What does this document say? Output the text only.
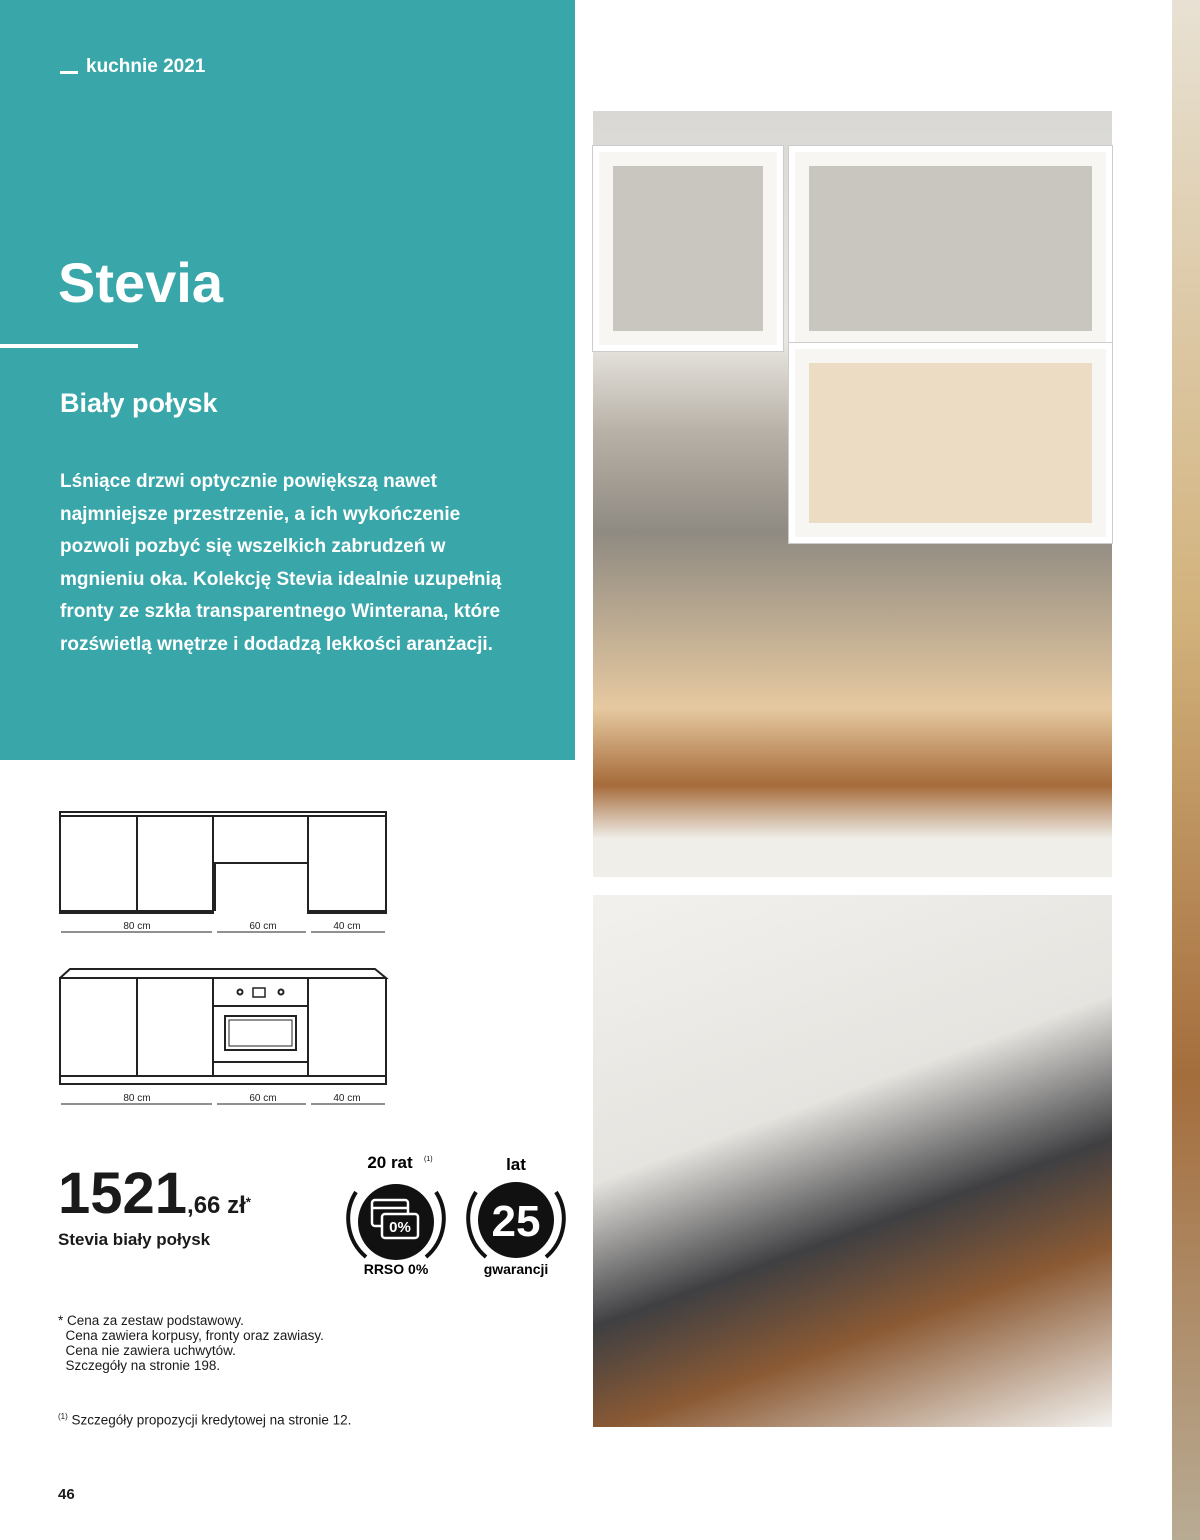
kuchnie 2021
Stevia
Biały połysk
Lśniące drzwi optycznie powiększą nawet najmniejsze przestrzenie, a ich wykończenie pozwoli pozbyć się wszelkich zabrudzeń w mgnieniu oka. Kolekcję Stevia idealnie uzupełnią fronty ze szkła transparentnego Winterana, które rozświetlą wnętrze i dodadzą lekkości aranżacji.
80 cm	60 cm	40 cm
80 cm	60 cm	40 cm
1521,66 zł*
Stevia biały połysk
0%
20 rat (1)
RRSO 0%
lat
25
gwarancji
* Cena za zestaw podstawowy.
Cena zawiera korpusy, fronty oraz zawiasy.
Cena nie zawiera uchwytów.
Szczegóły na stronie 198.
$^{(1)}$ Szczegóły propozycji kredytowej na stronie 12.
46
